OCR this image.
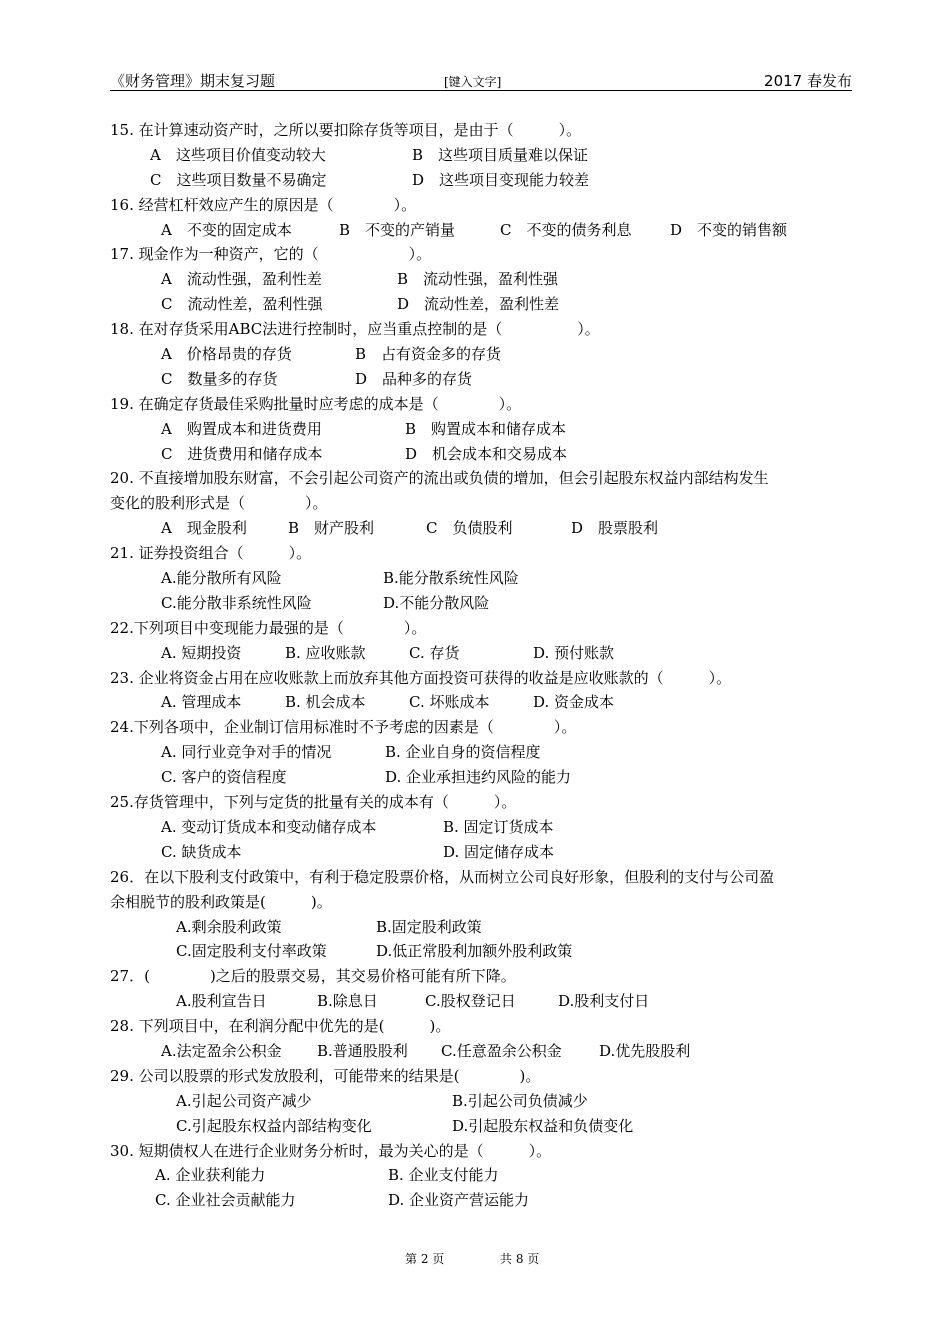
《财务管理》期末复习题	[键入文字]	2017 春发布
15. 在计算速动资产时，之所以要扣除存货等项目，是由于（　　　）。
A　这些项目价值变动较大	B　这些项目质量难以保证
C　这些项目数量不易确定	D　这些项目变现能力较差
16. 经营杠杆效应产生的原因是（　　　　）。
A　不变的固定成本	B　不变的产销量	C　不变的债务利息	D　不变的销售额
17. 现金作为一种资产，它的（　　　　　　）。
A　流动性强，盈利性差	B　流动性强，盈利性强
C　流动性差，盈利性强	D　流动性差，盈利性差
18. 在对存货采用ABC法进行控制时，应当重点控制的是（　　　　　）。
A　价格昂贵的存货	B　占有资金多的存货
C　数量多的存货	D　品种多的存货
19. 在确定存货最佳采购批量时应考虑的成本是（　　　　）。
A　购置成本和进货费用	B　购置成本和储存成本
C　进货费用和储存成本	D　机会成本和交易成本
20. 不直接增加股东财富，不会引起公司资产的流出或负债的增加，但会引起股东权益内部结构发生
变化的股利形式是（　　　　）。
A　现金股利	B　财产股利	C　负债股利	D　股票股利
21. 证券投资组合（　　　）。
A.能分散所有风险	B.能分散系统性风险
C.能分散非系统性风险	D.不能分散风险
22.下列项目中变现能力最强的是（　　　　）。
A. 短期投资	B. 应收账款	C. 存货	D. 预付账款
23. 企业将资金占用在应收账款上而放弃其他方面投资可获得的收益是应收账款的（　　　）。
A. 管理成本	B. 机会成本	C. 坏账成本	D. 资金成本
24.下列各项中，企业制订信用标准时不予考虑的因素是（　　　　）。
A. 同行业竞争对手的情况	B. 企业自身的资信程度
C. 客户的资信程度	D. 企业承担违约风险的能力
25.存货管理中，下列与定货的批量有关的成本有（　　　）。
A. 变动订货成本和变动储存成本	B. 固定订货成本
C. 缺货成本	D. 固定储存成本
26．在以下股利支付政策中，有利于稳定股票价格，从而树立公司良好形象，但股利的支付与公司盈
余相脱节的股利政策是(　　　)。
A.剩余股利政策	B.固定股利政策
C.固定股利支付率政策	D.低正常股利加额外股利政策
27．(　　　　)之后的股票交易，其交易价格可能有所下降。
A.股利宣告日	B.除息日	C.股权登记日	D.股利支付日
28. 下列项目中，在利润分配中优先的是(　　　)。
A.法定盈余公积金 B.普通股股利 C.任意盈余公积金 D.优先股股利
29. 公司以股票的形式发放股利，可能带来的结果是(　　　　)。
A.引起公司资产减少	B.引起公司负债减少
C.引起股东权益内部结构变化	D.引起股东权益和负债变化
30. 短期债权人在进行企业财务分析时，最为关心的是（　　　）。
A. 企业获利能力	B. 企业支付能力
C. 企业社会贡献能力	D. 企业资产营运能力
第 2 页	共 8 页
